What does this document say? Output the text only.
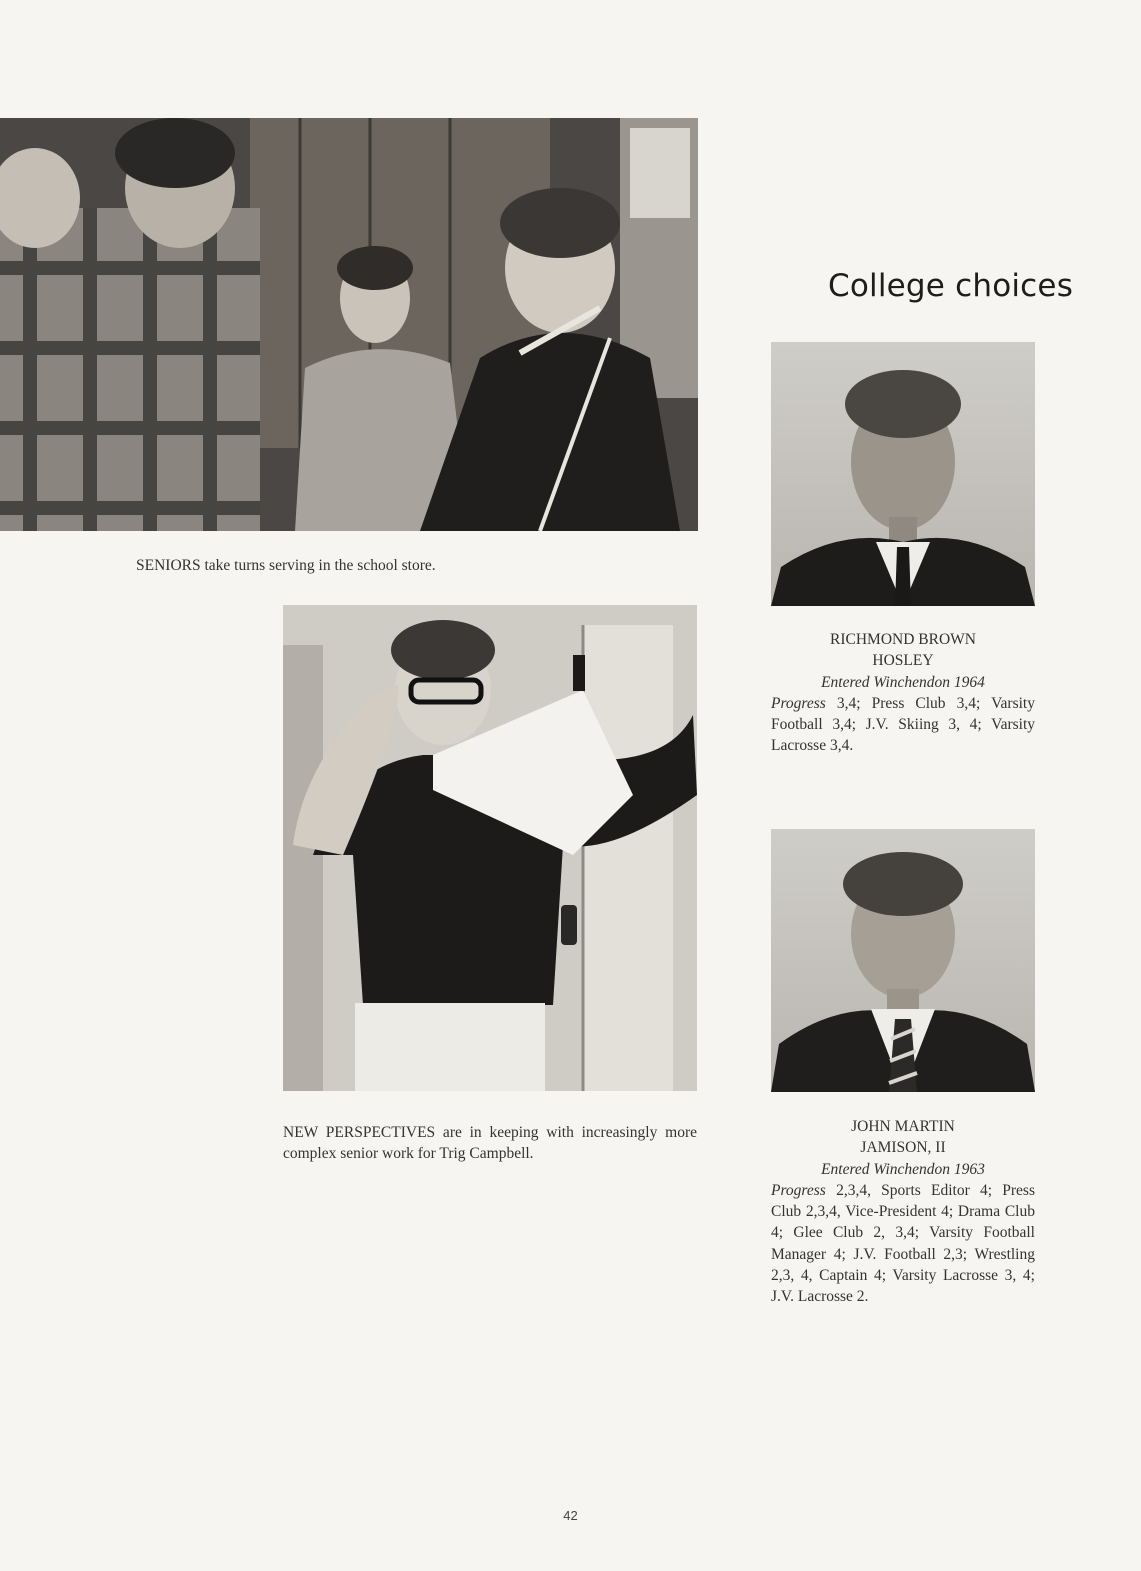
SENIORS take turns serving in the school store.
College choices
RICHMOND BROWN
HOSLEY
Entered Winchendon 1964
Progress 3,4; Press Club 3,4; Varsity Football 3,4; J.V. Skiing 3, 4; Varsity Lacrosse 3,4.
NEW PERSPECTIVES are in keeping with increasingly more complex senior work for Trig Campbell.
JOHN MARTIN
JAMISON, II
Entered Winchendon 1963
Progress 2,3,4, Sports Editor 4; Press Club 2,3,4, Vice-President 4; Drama Club 4; Glee Club 2, 3,4; Varsity Football Manager 4; J.V. Football 2,3; Wrestling 2,3, 4, Captain 4; Varsity Lacrosse 3, 4; J.V. Lacrosse 2.
42
